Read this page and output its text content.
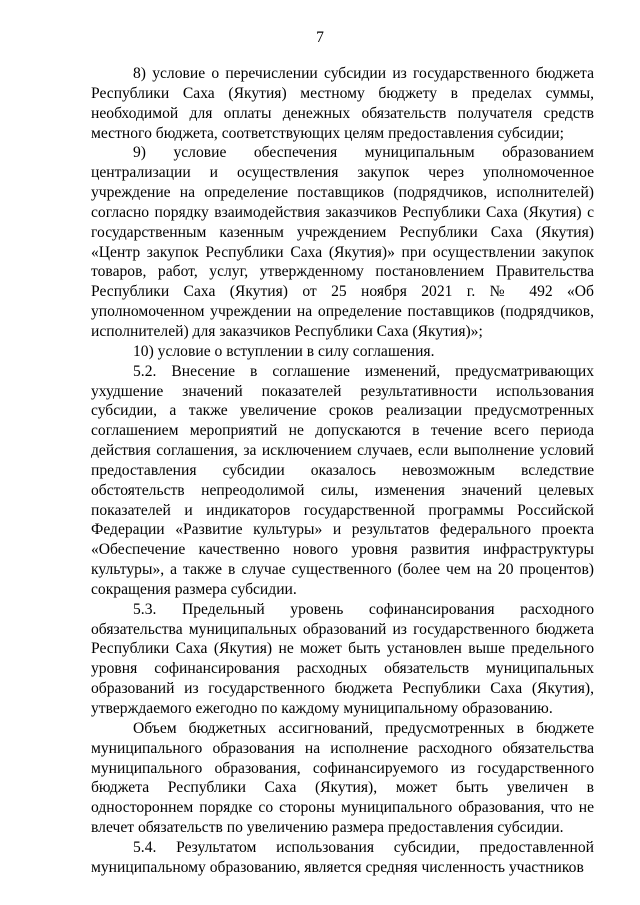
7

8) условие о перечислении субсидии из государственного бюджета Республики Саха (Якутия) местному бюджету в пределах суммы, необходимой для оплаты денежных обязательств получателя средств местного бюджета, соответствующих целям предоставления субсидии;

9) условие обеспечения муниципальным образованием централизации и осуществления закупок через уполномоченное учреждение на определение поставщиков (подрядчиков, исполнителей) согласно порядку взаимодействия заказчиков Республики Саха (Якутия) с государственным казенным учреждением Республики Саха (Якутия) «Центр закупок Республики Саха (Якутия)» при осуществлении закупок товаров, работ, услуг, утвержденному постановлением Правительства Республики Саха (Якутия) от 25 ноября 2021 г. № 492 «Об уполномоченном учреждении на определение поставщиков (подрядчиков, исполнителей) для заказчиков Республики Саха (Якутия)»;

10) условие о вступлении в силу соглашения.

5.2. Внесение в соглашение изменений, предусматривающих ухудшение значений показателей результативности использования субсидии, а также увеличение сроков реализации предусмотренных соглашением мероприятий не допускаются в течение всего периода действия соглашения, за исключением случаев, если выполнение условий предоставления субсидии оказалось невозможным вследствие обстоятельств непреодолимой силы, изменения значений целевых показателей и индикаторов государственной программы Российской Федерации «Развитие культуры» и результатов федерального проекта «Обеспечение качественно нового уровня развития инфраструктуры культуры», а также в случае существенного (более чем на 20 процентов) сокращения размера субсидии.

5.3. Предельный уровень софинансирования расходного обязательства муниципальных образований из государственного бюджета Республики Саха (Якутия) не может быть установлен выше предельного уровня софинансирования расходных обязательств муниципальных образований из государственного бюджета Республики Саха (Якутия), утверждаемого ежегодно по каждому муниципальному образованию.

Объем бюджетных ассигнований, предусмотренных в бюджете муниципального образования на исполнение расходного обязательства муниципального образования, софинансируемого из государственного бюджета Республики Саха (Якутия), может быть увеличен в одностороннем порядке со стороны муниципального образования, что не влечет обязательств по увеличению размера предоставления субсидии.

5.4. Результатом использования субсидии, предоставленной муниципальному образованию, является средняя численность участников
